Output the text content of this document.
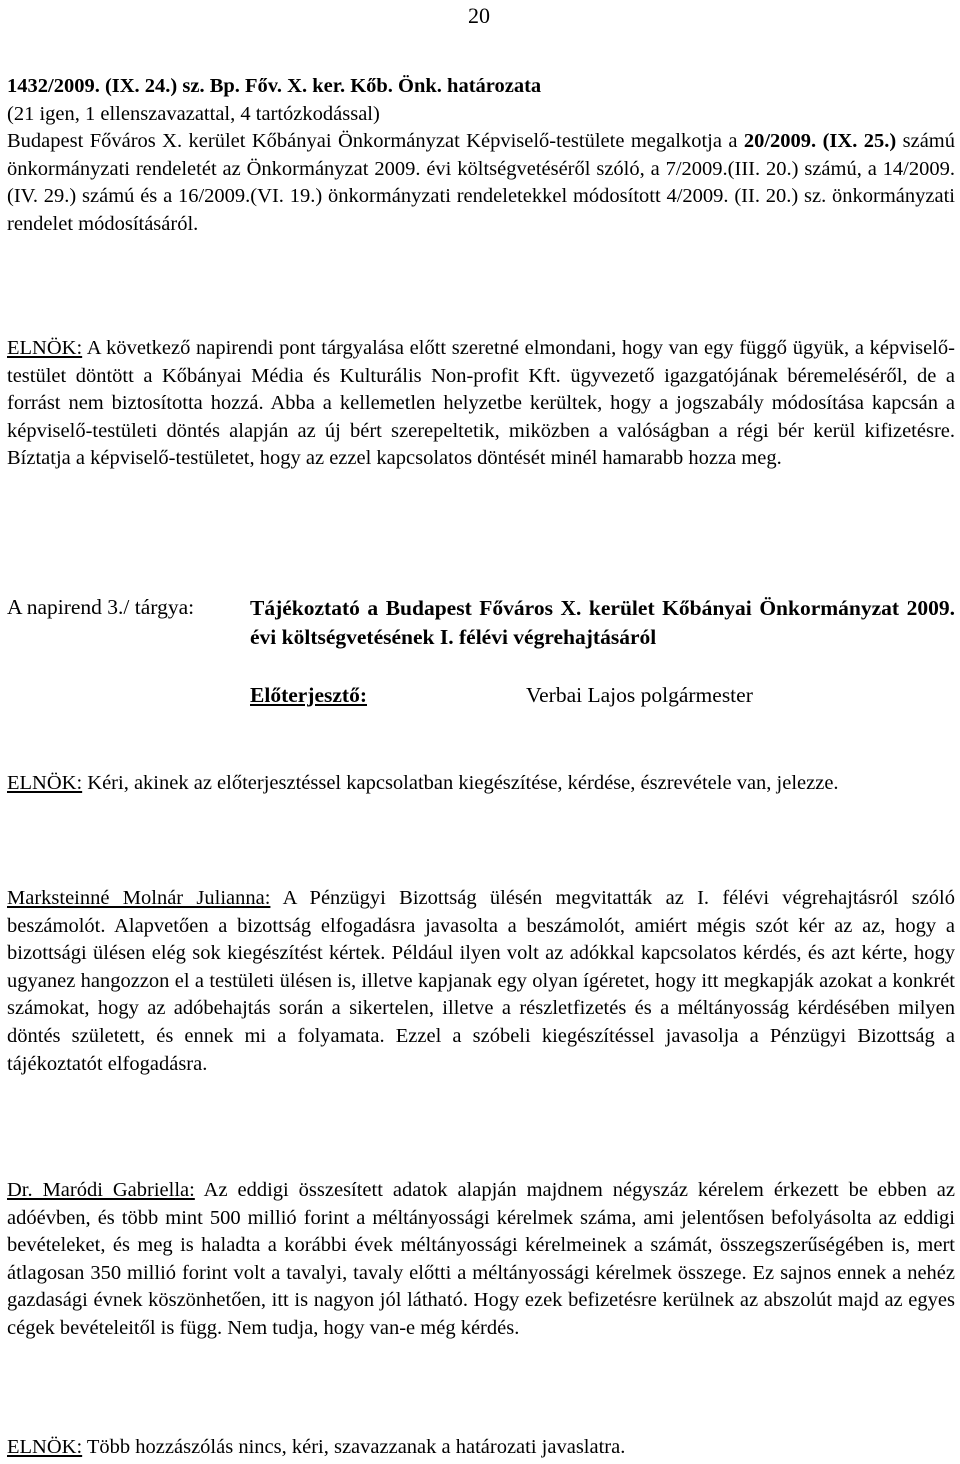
20
1432/2009. (IX. 24.) sz. Bp. Főv. X. ker. Kőb. Önk. határozata
(21 igen, 1 ellenszavazattal, 4 tartózkodással)
Budapest Főváros X. kerület Kőbányai Önkormányzat Képviselő-testülete megalkotja a 20/2009. (IX. 25.) számú önkormányzati rendeletét az Önkormányzat 2009. évi költségvetéséről szóló, a 7/2009.(III. 20.) számú, a 14/2009.(IV. 29.) számú és a 16/2009.(VI. 19.) önkormányzati rendeletekkel módosított 4/2009. (II. 20.) sz. önkormányzati rendelet módosításáról.

ELNÖK: A következő napirendi pont tárgyalása előtt szeretné elmondani, hogy van egy függő ügyük, a képviselő-testület döntött a Kőbányai Média és Kulturális Non-profit Kft. ügyvezető igazgatójának béremeléséről, de a forrást nem biztosította hozzá. Abba a kellemetlen helyzetbe kerültek, hogy a jogszabály módosítása kapcsán a képviselő-testületi döntés alapján az új bért szerepeltetik, miközben a valóságban a régi bér kerül kifizetésre. Bíztatja a képviselő-testületet, hogy az ezzel kapcsolatos döntését minél hamarabb hozza meg.

A napirend 3./ tárgya:	Tájékoztató a Budapest Főváros X. kerület Kőbányai Önkormányzat 2009. évi költségvetésének I. félévi végrehajtásáról
Előterjesztő:	Verbai Lajos polgármester

ELNÖK: Kéri, akinek az előterjesztéssel kapcsolatban kiegészítése, kérdése, észrevétele van, jelezze.

Marksteinné Molnár Julianna: A Pénzügyi Bizottság ülésén megvitatták az I. félévi végrehajtásról szóló beszámolót. Alapvetően a bizottság elfogadásra javasolta a beszámolót, amiért mégis szót kér az az, hogy a bizottsági ülésen elég sok kiegészítést kértek. Például ilyen volt az adókkal kapcsolatos kérdés, és azt kérte, hogy ugyanez hangozzon el a testületi ülésen is, illetve kapjanak egy olyan ígéretet, hogy itt megkapják azokat a konkrét számokat, hogy az adóbehajtás során a sikertelen, illetve a részletfizetés és a méltányosság kérdésében milyen döntés született, és ennek mi a folyamata. Ezzel a szóbeli kiegészítéssel javasolja a Pénzügyi Bizottság a tájékoztatót elfogadásra.

Dr. Maródi Gabriella: Az eddigi összesített adatok alapján majdnem négyszáz kérelem érkezett be ebben az adóévben, és több mint 500 millió forint a méltányossági kérelmek száma, ami jelentősen befolyásolta az eddigi bevételeket, és meg is haladta a korábbi évek méltányossági kérelmeinek a számát, összegszerűségében is, mert átlagosan 350 millió forint volt a tavalyi, tavaly előtti a méltányossági kérelmek összege. Ez sajnos ennek a nehéz gazdasági évnek köszönhetően, itt is nagyon jól látható. Hogy ezek befizetésre kerülnek az abszolút majd az egyes cégek bevételeitől is függ. Nem tudja, hogy van-e még kérdés.

ELNÖK: Több hozzászólás nincs, kéri, szavazzanak a határozati javaslatra.
